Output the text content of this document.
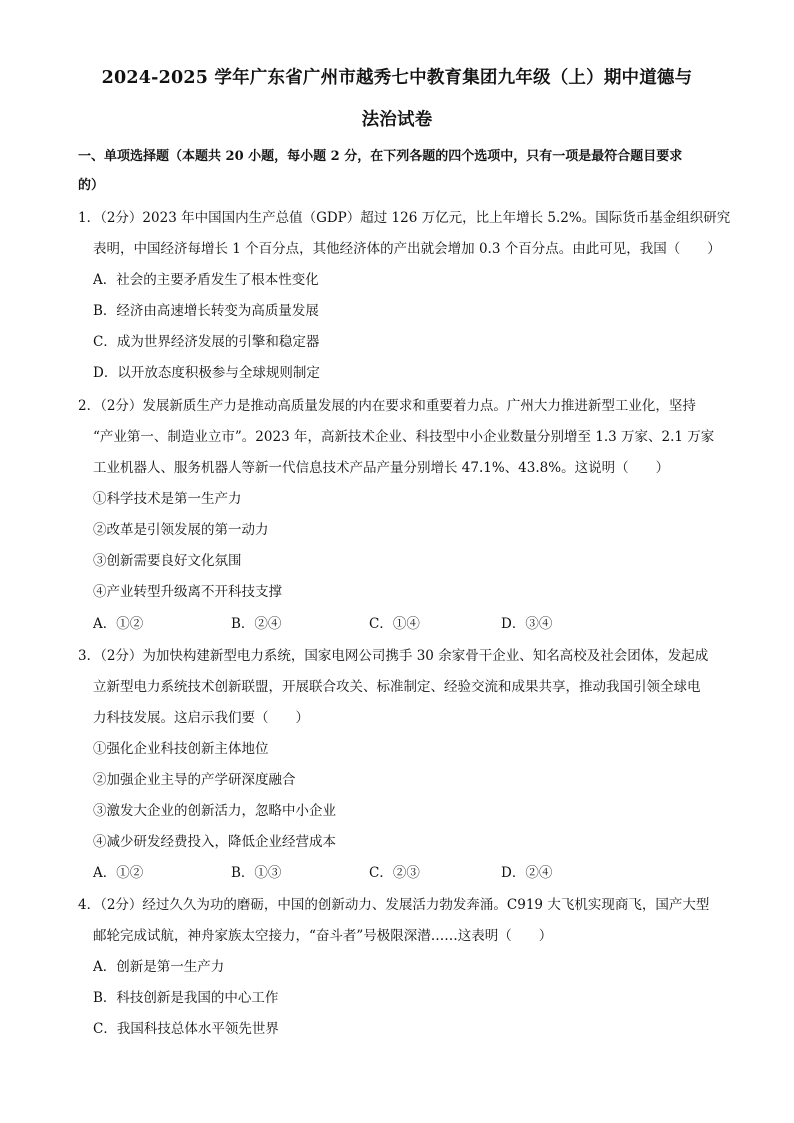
2024-2025 学年广东省广州市越秀七中教育集团九年级（上）期中道德与
法治试卷
一、单项选择题（本题共 20 小题，每小题 2 分，在下列各题的四个选项中，只有一项是最符合题目要求
的）
1．（2分）2023 年中国国内生产总值（GDP）超过 126 万亿元，比上年增长 5.2%。国际货币基金组织研究
表明，中国经济每增长 1 个百分点，其他经济体的产出就会增加 0.3 个百分点。由此可见，我国（　　）
A．社会的主要矛盾发生了根本性变化
B．经济由高速增长转变为高质量发展
C．成为世界经济发展的引擎和稳定器
D．以开放态度积极参与全球规则制定
2．（2分）发展新质生产力是推动高质量发展的内在要求和重要着力点。广州大力推进新型工业化，坚持
“产业第一、制造业立市”。2023 年，高新技术企业、科技型中小企业数量分别增至 1.3 万家、2.1 万家
工业机器人、服务机器人等新一代信息技术产品产量分别增长 47.1%、43.8%。这说明（　　）
①科学技术是第一生产力
②改革是引领发展的第一动力
③创新需要良好文化氛围
④产业转型升级离不开科技支撑
A．①②	B．②④	C．①④	D．③④
3．（2分）为加快构建新型电力系统，国家电网公司携手 30 余家骨干企业、知名高校及社会团体，发起成
立新型电力系统技术创新联盟，开展联合攻关、标准制定、经验交流和成果共享，推动我国引领全球电
力科技发展。这启示我们要（　　）
①强化企业科技创新主体地位
②加强企业主导的产学研深度融合
③激发大企业的创新活力，忽略中小企业
④减少研发经费投入，降低企业经营成本
A．①②	B．①③	C．②③	D．②④
4．（2分）经过久久为功的磨砺，中国的创新动力、发展活力勃发奔涌。C919 大飞机实现商飞，国产大型
邮轮完成试航，神舟家族太空接力，“奋斗者”号极限深潜……这表明（　　）
A．创新是第一生产力
B．科技创新是我国的中心工作
C．我国科技总体水平领先世界
